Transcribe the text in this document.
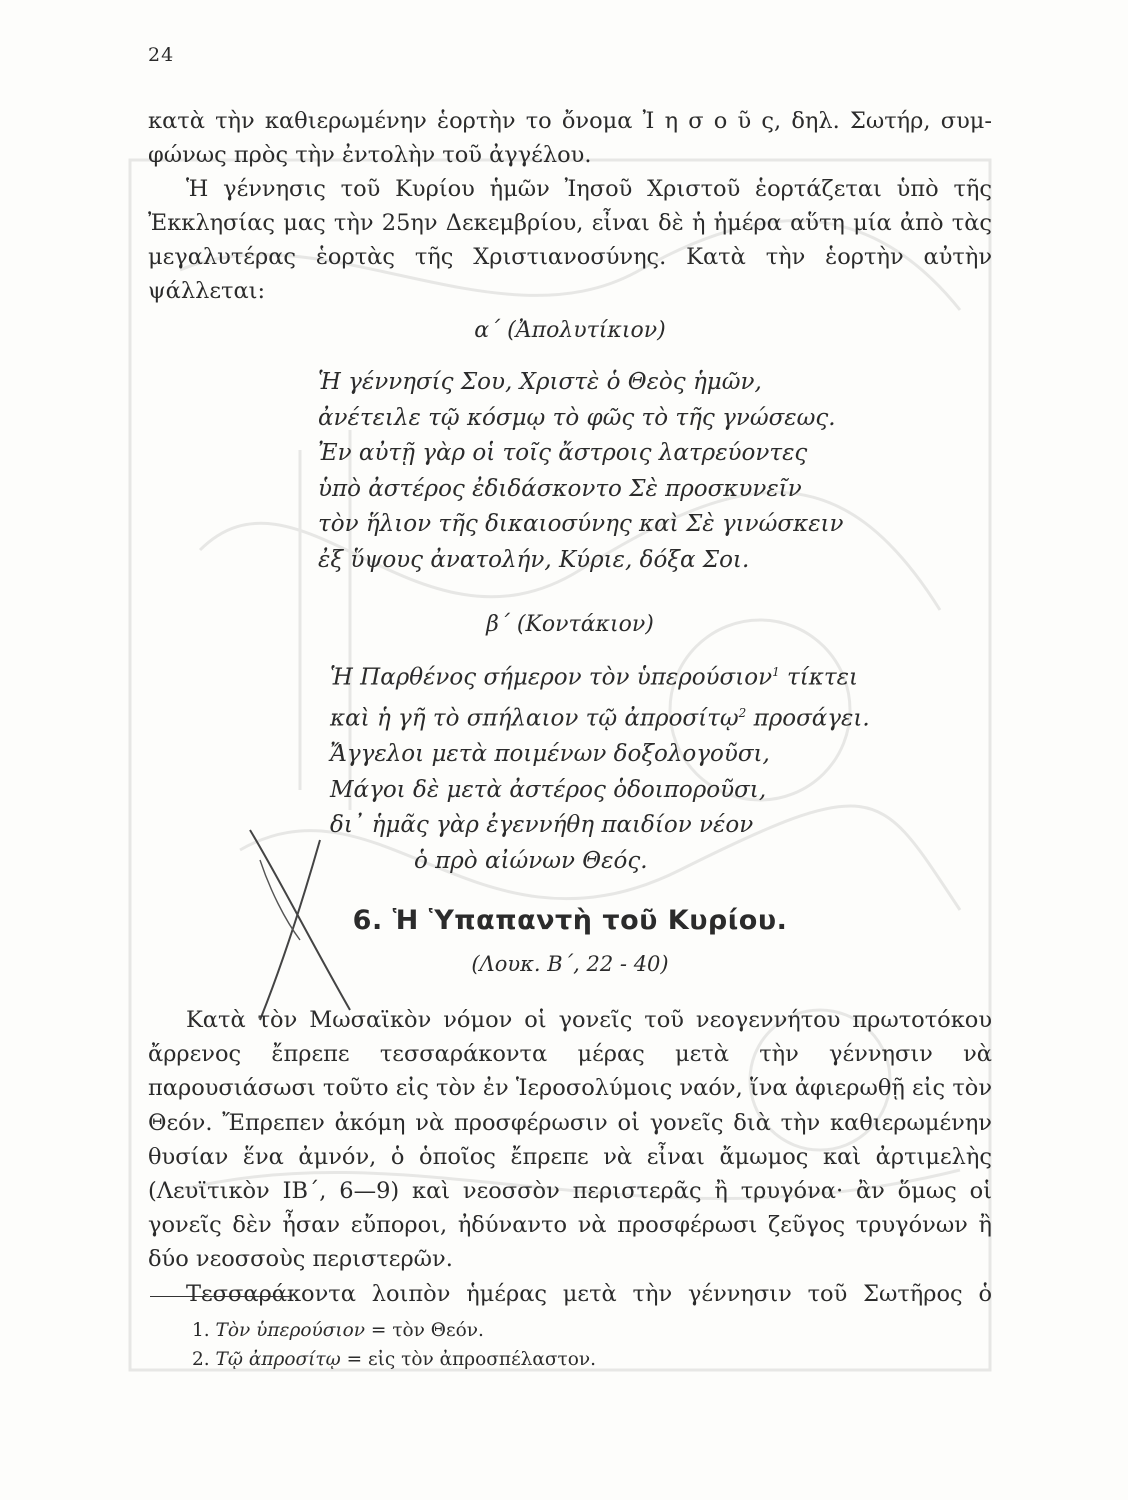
24
κατὰ τὴν καθιερωμένην ἑορτὴν το ὄνομα Ἰ η σ ο ῦ ς, δηλ. Σωτήρ, συμ-
φώνως πρὸς τὴν ἐντολὴν τοῦ ἀγγέλου.
Ἡ γέννησις τοῦ Κυρίου ἡμῶν Ἰησοῦ Χριστοῦ ἑορτάζεται ὑπὸ τῆς Ἐκκλησίας μας τὴν 25ην Δεκεμβρίου, εἶναι δὲ ἡ ἡμέρα αὕτη μία ἀπὸ τὰς μεγαλυτέρας ἑορτὰς τῆς Χριστιανοσύνης. Κατὰ τὴν ἑορτὴν αὐτὴν ψάλλεται:
α΄ (Ἀπολυτίκιον)
Ἡ γέννησίς Σου, Χριστὲ ὁ Θεὸς ἡμῶν,
ἀνέτειλε τῷ κόσμῳ τὸ φῶς τὸ τῆς γνώσεως.
Ἐν αὐτῇ γὰρ οἱ τοῖς ἄστροις λατρεύοντες
ὑπὸ ἀστέρος ἐδιδάσκοντο Σὲ προσκυνεῖν
τὸν ἥλιον τῆς δικαιοσύνης καὶ Σὲ γινώσκειν
ἐξ ὕψους ἀνατολήν, Κύριε, δόξα Σοι.
β΄ (Κοντάκιον)
Ἡ Παρθένος σήμερον τὸν ὑπερούσιον$^1$ τίκτει
καὶ ἡ γῆ τὸ σπήλαιον τῷ ἀπροσίτῳ$^2$ προσάγει.
Ἄγγελοι μετὰ ποιμένων δοξολογοῦσι,
Μάγοι δὲ μετὰ ἀστέρος ὁδοιποροῦσι,
δι᾿ ἡμᾶς γὰρ ἐγεννήθη παιδίον νέον
ὁ πρὸ αἰώνων Θεός.
6. Ἡ Ὑπαπαντὴ τοῦ Κυρίου.
(Λουκ. Β΄, 22 - 40)
Κατὰ τὸν Μωσαϊκὸν νόμον οἱ γονεῖς τοῦ νεογεννήτου πρωτοτόκου ἄρρενος ἔπρεπε τεσσαράκοντα μέρας μετὰ τὴν γέννησιν νὰ παρουσιάσωσι τοῦτο εἰς τὸν ἐν Ἱεροσολύμοις ναόν, ἵνα ἀφιερωθῇ εἰς τὸν Θεόν. Ἔπρεπεν ἀκόμη νὰ προσφέρωσιν οἱ γονεῖς διὰ τὴν καθιερωμένην θυσίαν ἕνα ἀμνόν, ὁ ὁποῖος ἔπρεπε νὰ εἶναι ἄμωμος καὶ ἀρτιμελὴς (Λευϊτικὸν ΙΒ΄, 6—9) καὶ νεοσσὸν περιστερᾶς ἢ τρυγόνα· ἂν ὅμως οἱ γονεῖς δὲν ἦσαν εὔποροι, ἠδύναντο νὰ προσφέρωσι ζεῦγος τρυγόνων ἢ δύο νεοσσοὺς περιστερῶν.
Τεσσαράκοντα λοιπὸν ἡμέρας μετὰ τὴν γέννησιν τοῦ Σωτῆρος ὁ
1. Τὸν ὑπερούσιον = τὸν Θεόν.
2. Τῷ ἀπροσίτῳ = εἰς τὸν ἀπροσπέλαστον.
